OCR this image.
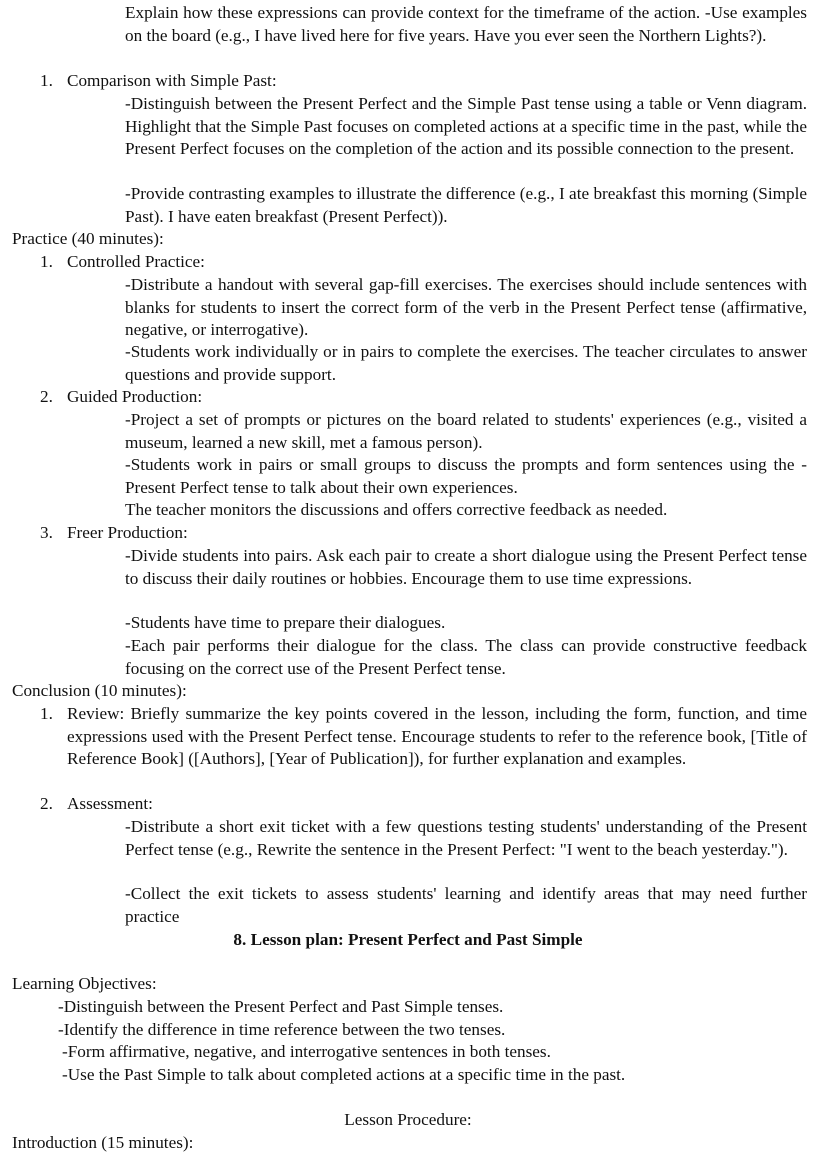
Explain how these expressions can provide context for the timeframe of the action. -Use examples on the board (e.g., I have lived here for five years. Have you ever seen the Northern Lights?).
1. Comparison with Simple Past:
-Distinguish between the Present Perfect and the Simple Past tense using a table or Venn diagram. Highlight that the Simple Past focuses on completed actions at a specific time in the past, while the Present Perfect focuses on the completion of the action and its possible connection to the present.
-Provide contrasting examples to illustrate the difference (e.g., I ate breakfast this morning (Simple Past). I have eaten breakfast (Present Perfect)).
Practice (40 minutes):
1. Controlled Practice:
-Distribute a handout with several gap-fill exercises. The exercises should include sentences with blanks for students to insert the correct form of the verb in the Present Perfect tense (affirmative, negative, or interrogative).
-Students work individually or in pairs to complete the exercises. The teacher circulates to answer questions and provide support.
2. Guided Production:
-Project a set of prompts or pictures on the board related to students' experiences (e.g., visited a museum, learned a new skill, met a famous person).
-Students work in pairs or small groups to discuss the prompts and form sentences using the -Present Perfect tense to talk about their own experiences.
The teacher monitors the discussions and offers corrective feedback as needed.
3. Freer Production:
-Divide students into pairs. Ask each pair to create a short dialogue using the Present Perfect tense to discuss their daily routines or hobbies. Encourage them to use time expressions.
-Students have time to prepare their dialogues.
-Each pair performs their dialogue for the class. The class can provide constructive feedback focusing on the correct use of the Present Perfect tense.
Conclusion (10 minutes):
1. Review: Briefly summarize the key points covered in the lesson, including the form, function, and time expressions used with the Present Perfect tense. Encourage students to refer to the reference book, [Title of Reference Book] ([Authors], [Year of Publication]), for further explanation and examples.
2. Assessment:
-Distribute a short exit ticket with a few questions testing students' understanding of the Present Perfect tense (e.g., Rewrite the sentence in the Present Perfect: "I went to the beach yesterday.").
-Collect the exit tickets to assess students' learning and identify areas that may need further practice
8. Lesson plan: Present Perfect and Past Simple
Learning Objectives:
-Distinguish between the Present Perfect and Past Simple tenses.
-Identify the difference in time reference between the two tenses.
-Form affirmative, negative, and interrogative sentences in both tenses.
-Use the Past Simple to talk about completed actions at a specific time in the past.
Lesson Procedure:
Introduction (15 minutes):
